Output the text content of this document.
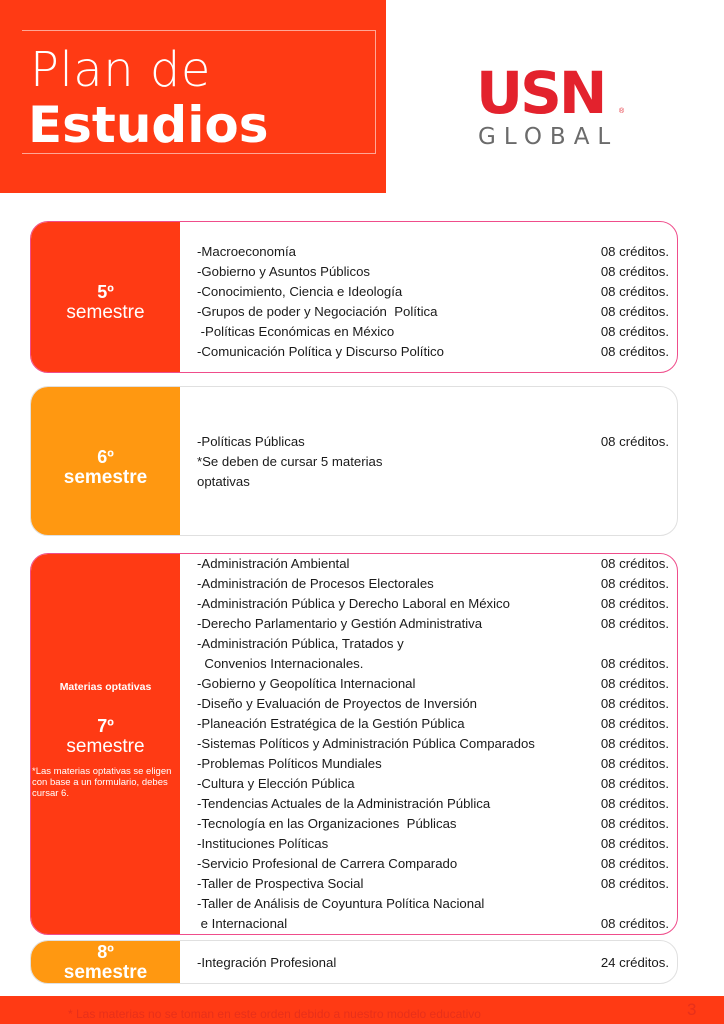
Plan de
Estudios	USN ®
GLOBAL
5º
semestre
-Macroeconomía	08 créditos.
-Gobierno y Asuntos Públicos	08 créditos.
-Conocimiento, Ciencia e Ideología	08 créditos.
-Grupos de poder y Negociación  Política	08 créditos.
-Políticas Económicas en México	08 créditos.
-Comunicación Política y Discurso Político	08 créditos.
6º
semestre
-Políticas Públicas	08 créditos.
*Se deben de cursar 5 materias
optativas
Materias optativas
7º
semestre
*Las materias optativas se eligen con base a un formulario, debes cursar 6.
-Administración Ambiental	08 créditos.
-Administración de Procesos Electorales	08 créditos.
-Administración Pública y Derecho Laboral en México	08 créditos.
-Derecho Parlamentario y Gestión Administrativa	08 créditos.
-Administración Pública, Tratados y
Convenios Internacionales.	08 créditos.
-Gobierno y Geopolítica Internacional	08 créditos.
-Diseño y Evaluación de Proyectos de Inversión	08 créditos.
-Planeación Estratégica de la Gestión Pública	08 créditos.
-Sistemas Políticos y Administración Pública Comparados	08 créditos.
-Problemas Políticos Mundiales	08 créditos.
-Cultura y Elección Pública	08 créditos.
-Tendencias Actuales de la Administración Pública	08 créditos.
-Tecnología en las Organizaciones  Públicas	08 créditos.
-Instituciones Políticas	08 créditos.
-Servicio Profesional de Carrera Comparado	08 créditos.
-Taller de Prospectiva Social	08 créditos.
-Taller de Análisis de Coyuntura Política Nacional
e Internacional	08 créditos.
8º
semestre	-Integración Profesional	24 créditos.
* Las materias no se toman en este orden debido a nuestro modelo educativo	3
